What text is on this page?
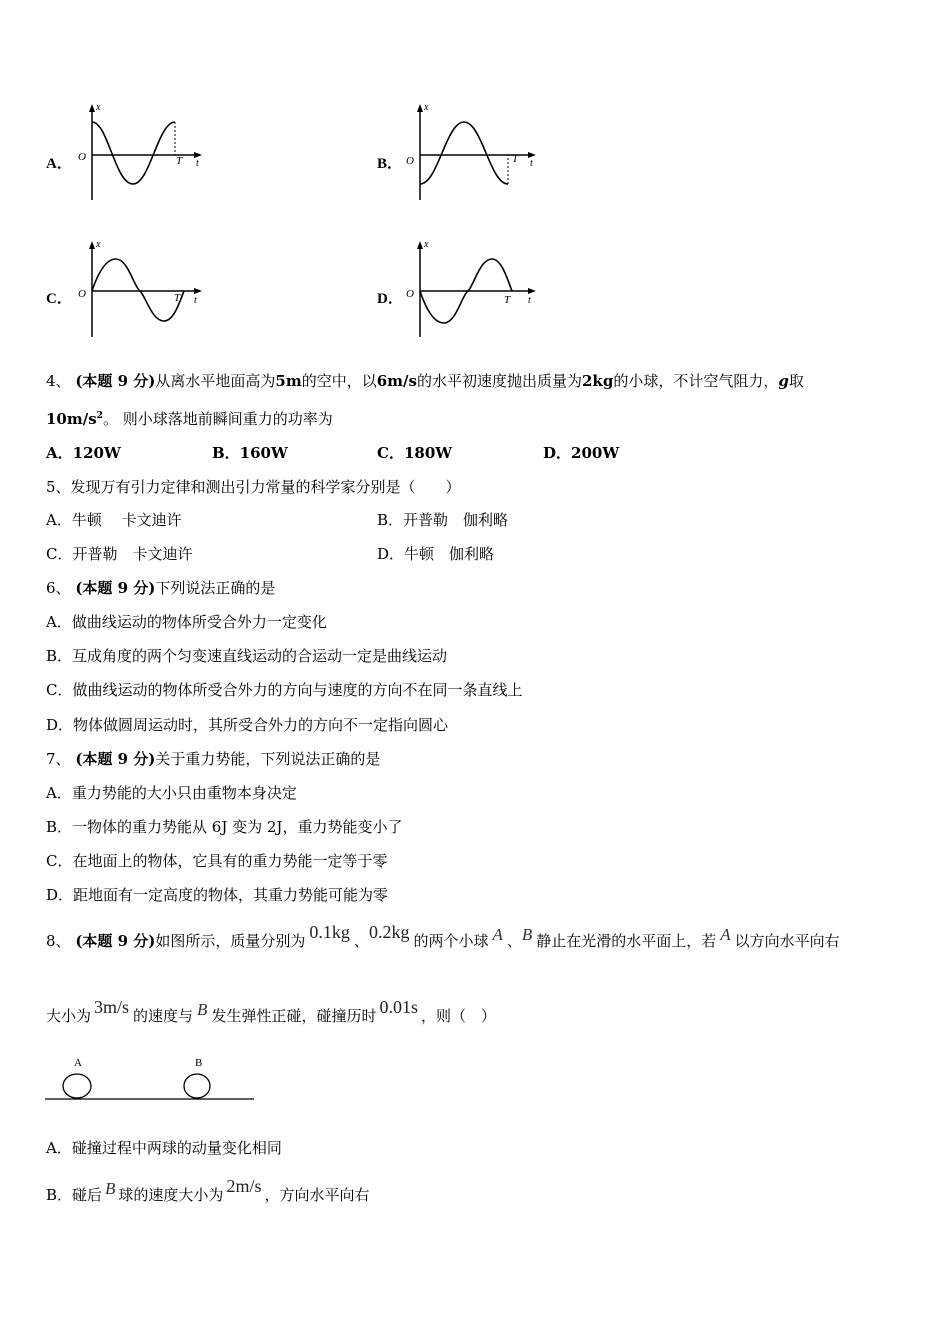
A．
x
O	T t	B．
x
O	T t
C．
x
O	T t	D．
x
O	T t
4、 (本题 9 分)从离水平地面高为5m的空中，以6m/s的水平初速度抛出质量为2kg的小球，不计空气阻力，g取
$10m/s^2$。 则小球落地前瞬间重力的功率为
A．120W	B．160W	C．180W	D．200W
5、发现万有引力定律和测出引力常量的科学家分别是（　　）
A．牛顿　 卡文迪许	B．开普勒　伽利略
C．开普勒　卡文迪许	D．牛顿　伽利略
6、 (本题 9 分)下列说法正确的是
A．做曲线运动的物体所受合外力一定变化
B．互成角度的两个匀变速直线运动的合运动一定是曲线运动
C．做曲线运动的物体所受合外力的方向与速度的方向不在同一条直线上
D．物体做圆周运动时，其所受合外力的方向不一定指向圆心
7、 (本题 9 分)关于重力势能，下列说法正确的是
A．重力势能的大小只由重物本身决定
B．一物体的重力势能从 6J 变为 2J，重力势能变小了
C．在地面上的物体，它具有的重力势能一定等于零
D．距地面有一定高度的物体，其重力势能可能为零
8、 (本题 9 分)如图所示，质量分别为 0.1kg 、0.2kg 的两个小球 A 、B 静止在光滑的水平面上，若 A 以方向水平向右
大小为 3m/s 的速度与 B 发生弹性正碰，碰撞历时 0.01s ，则（　）
A	B
A．碰撞过程中两球的动量变化相同
B．碰后 B 球的速度大小为 2m/s ，方向水平向右
